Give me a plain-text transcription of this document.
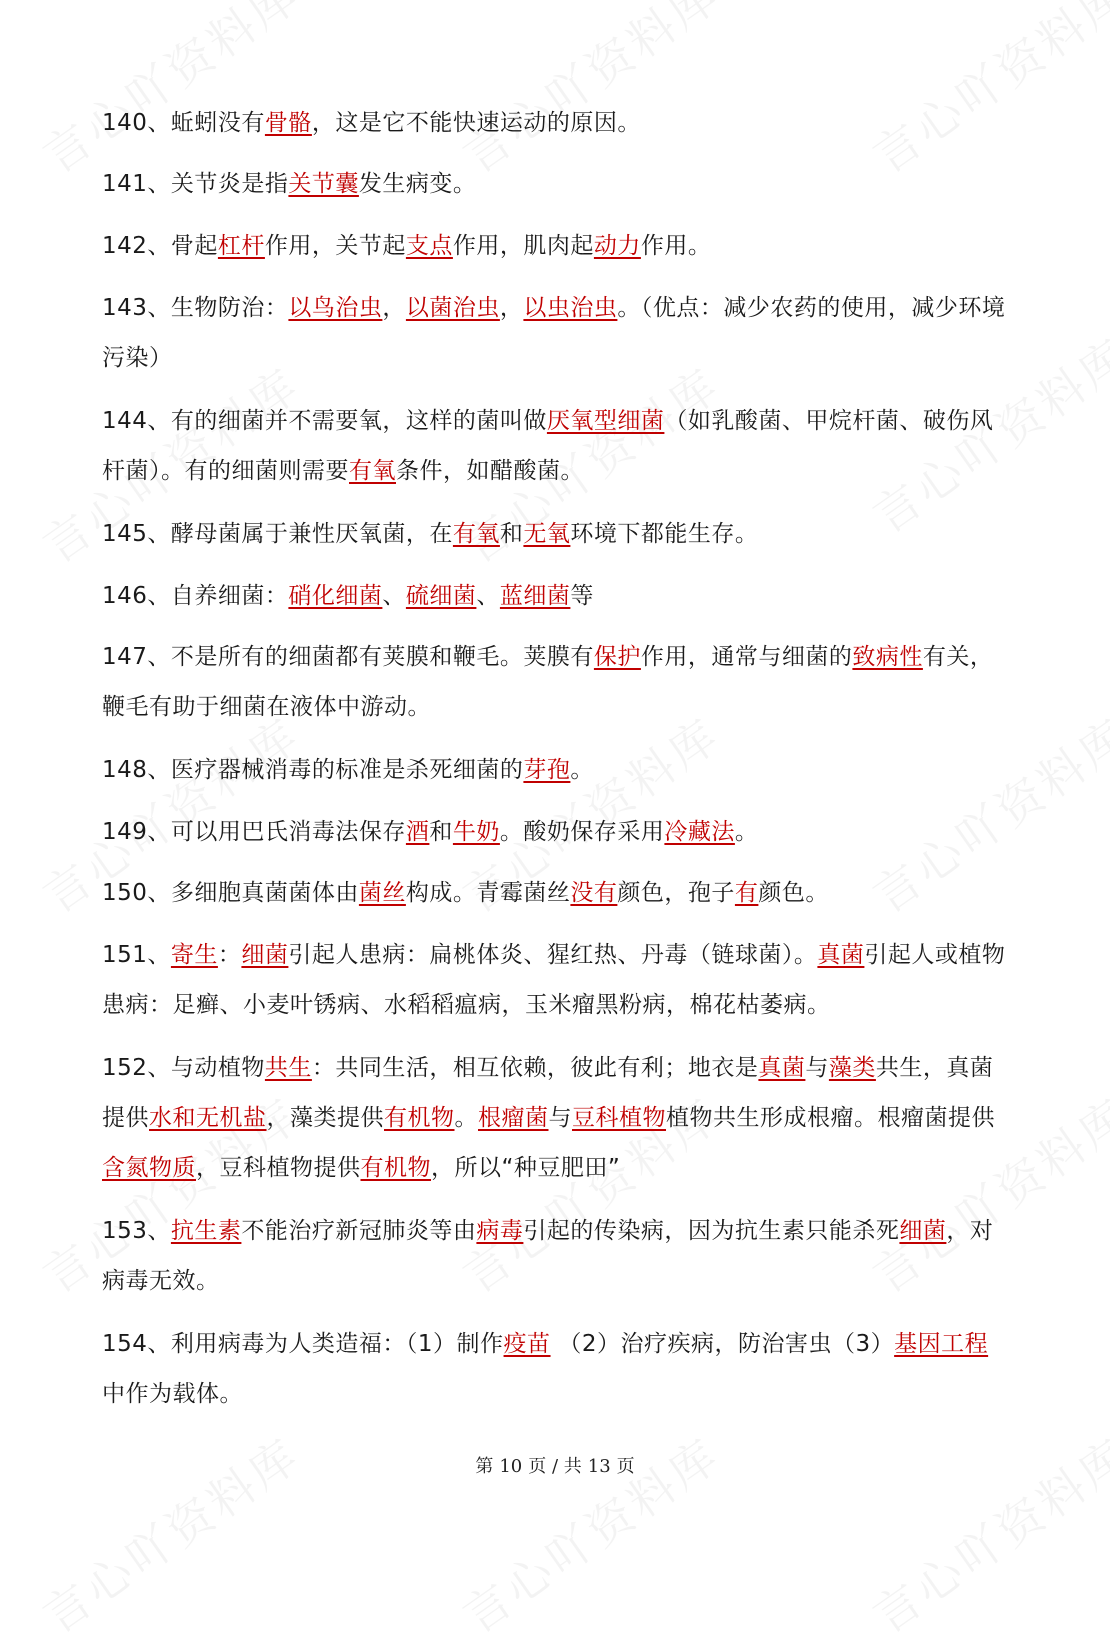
140、蚯蚓没有骨骼，这是它不能快速运动的原因。

141、关节炎是指关节囊发生病变。

142、骨起杠杆作用，关节起支点作用，肌肉起动力作用。

143、生物防治：以鸟治虫，以菌治虫，以虫治虫。（优点：减少农药的使用，减少环境污染）

144、有的细菌并不需要氧，这样的菌叫做厌氧型细菌（如乳酸菌、甲烷杆菌、破伤风杆菌）。有的细菌则需要有氧条件，如醋酸菌。

145、酵母菌属于兼性厌氧菌，在有氧和无氧环境下都能生存。

146、自养细菌：硝化细菌、硫细菌、蓝细菌等

147、不是所有的细菌都有荚膜和鞭毛。荚膜有保护作用，通常与细菌的致病性有关，鞭毛有助于细菌在液体中游动。

148、医疗器械消毒的标准是杀死细菌的芽孢。

149、可以用巴氏消毒法保存酒和牛奶。酸奶保存采用冷藏法。

150、多细胞真菌菌体由菌丝构成。青霉菌丝没有颜色，孢子有颜色。

151、寄生：细菌引起人患病：扁桃体炎、猩红热、丹毒（链球菌）。真菌引起人或植物患病：足癣、小麦叶锈病、水稻稻瘟病，玉米瘤黑粉病，棉花枯萎病。

152、与动植物共生：共同生活，相互依赖，彼此有利；地衣是真菌与藻类共生，真菌提供水和无机盐，藻类提供有机物。根瘤菌与豆科植物植物共生形成根瘤。根瘤菌提供含氮物质，豆科植物提供有机物，所以“种豆肥田”

153、抗生素不能治疗新冠肺炎等由病毒引起的传染病，因为抗生素只能杀死细菌，对病毒无效。

154、利用病毒为人类造福：（1）制作疫苗 （2）治疗疾病，防治害虫（3）基因工程中作为载体。

第 10 页 / 共 13 页
